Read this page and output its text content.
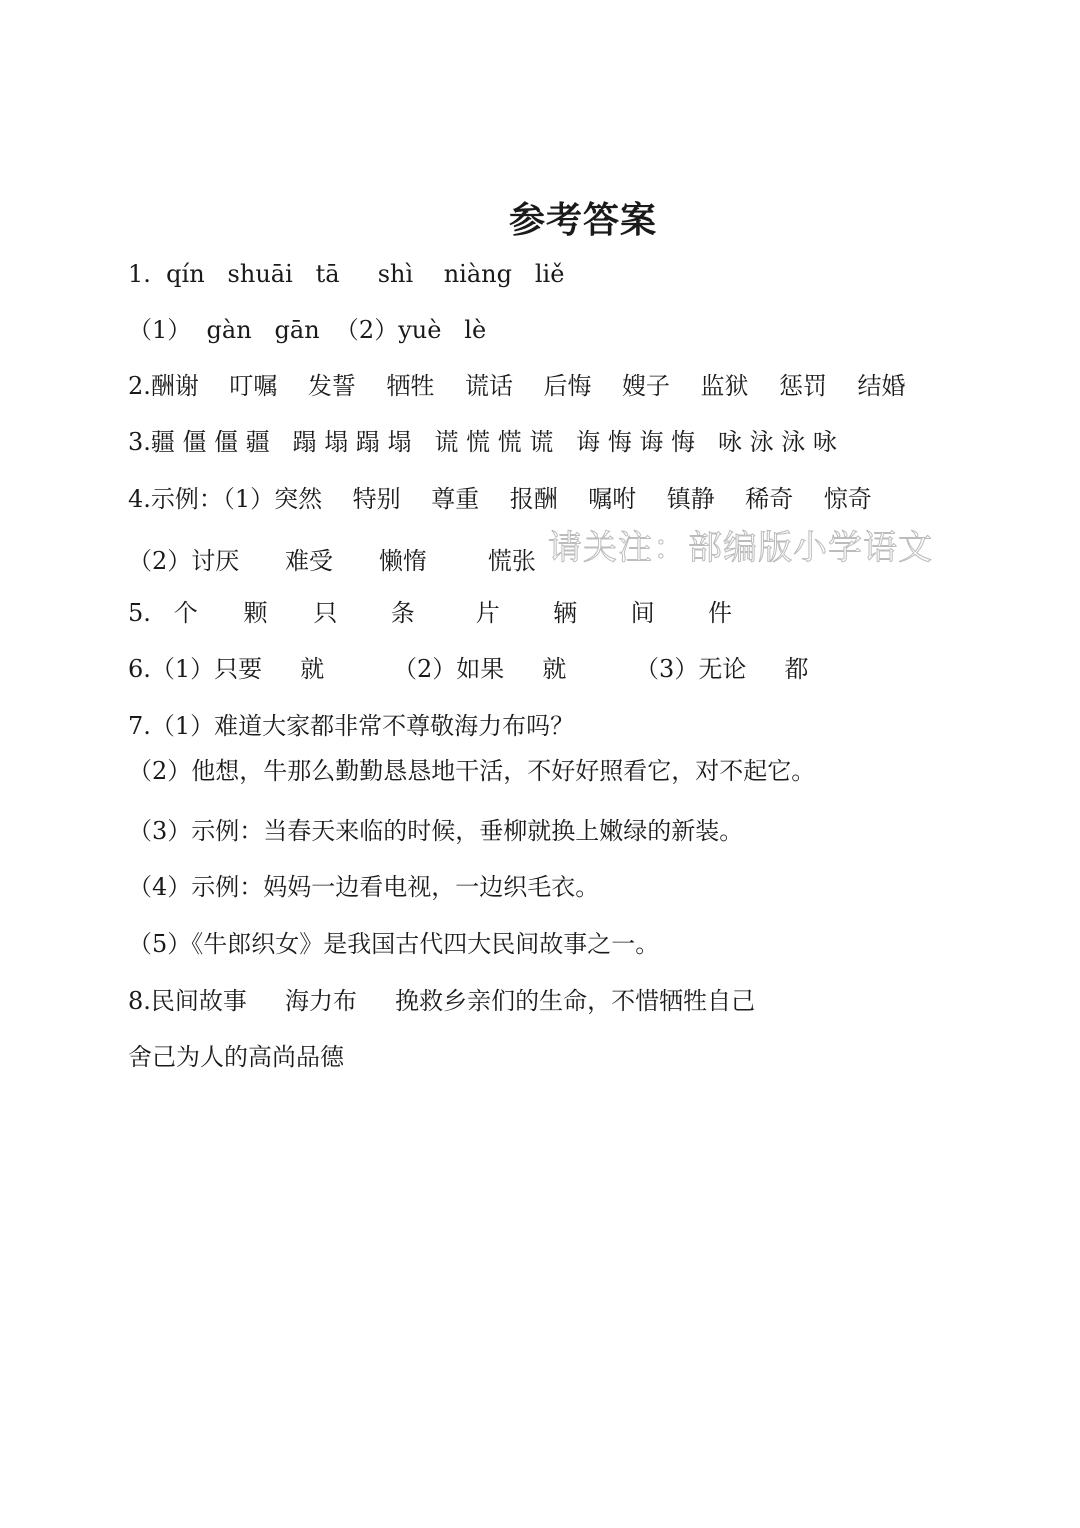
参考答案
1.  qín   shuāi   tā     shì    niàng   liě
（1）  gàn   gān  （2）yuè   lè
2.酬谢    叮嘱    发誓    牺牲    谎话    后悔    嫂子    监狱    惩罚    结婚
3.疆 僵 僵 疆   蹋 塌 蹋 塌   谎 慌 慌 谎   诲 悔 诲 悔   咏 泳 泳 咏
4.示例：（1）突然    特别    尊重    报酬    嘱咐    镇静    稀奇    惊奇
（2）讨厌      难受      懒惰        慌张
5.   个      颗      只       条        片       辆       间       件
6.（1）只要     就         （2）如果     就         （3）无论     都
7.（1）难道大家都非常不尊敬海力布吗？
（2）他想，牛那么勤勤恳恳地干活，不好好照看它，对不起它。
（3）示例：当春天来临的时候，垂柳就换上嫩绿的新装。
（4）示例：妈妈一边看电视，一边织毛衣。
（5）《牛郎织女》是我国古代四大民间故事之一。
8.民间故事     海力布     挽救乡亲们的生命，不惜牺牲自己
舍己为人的高尚品德
请关注：部编版小学语文
